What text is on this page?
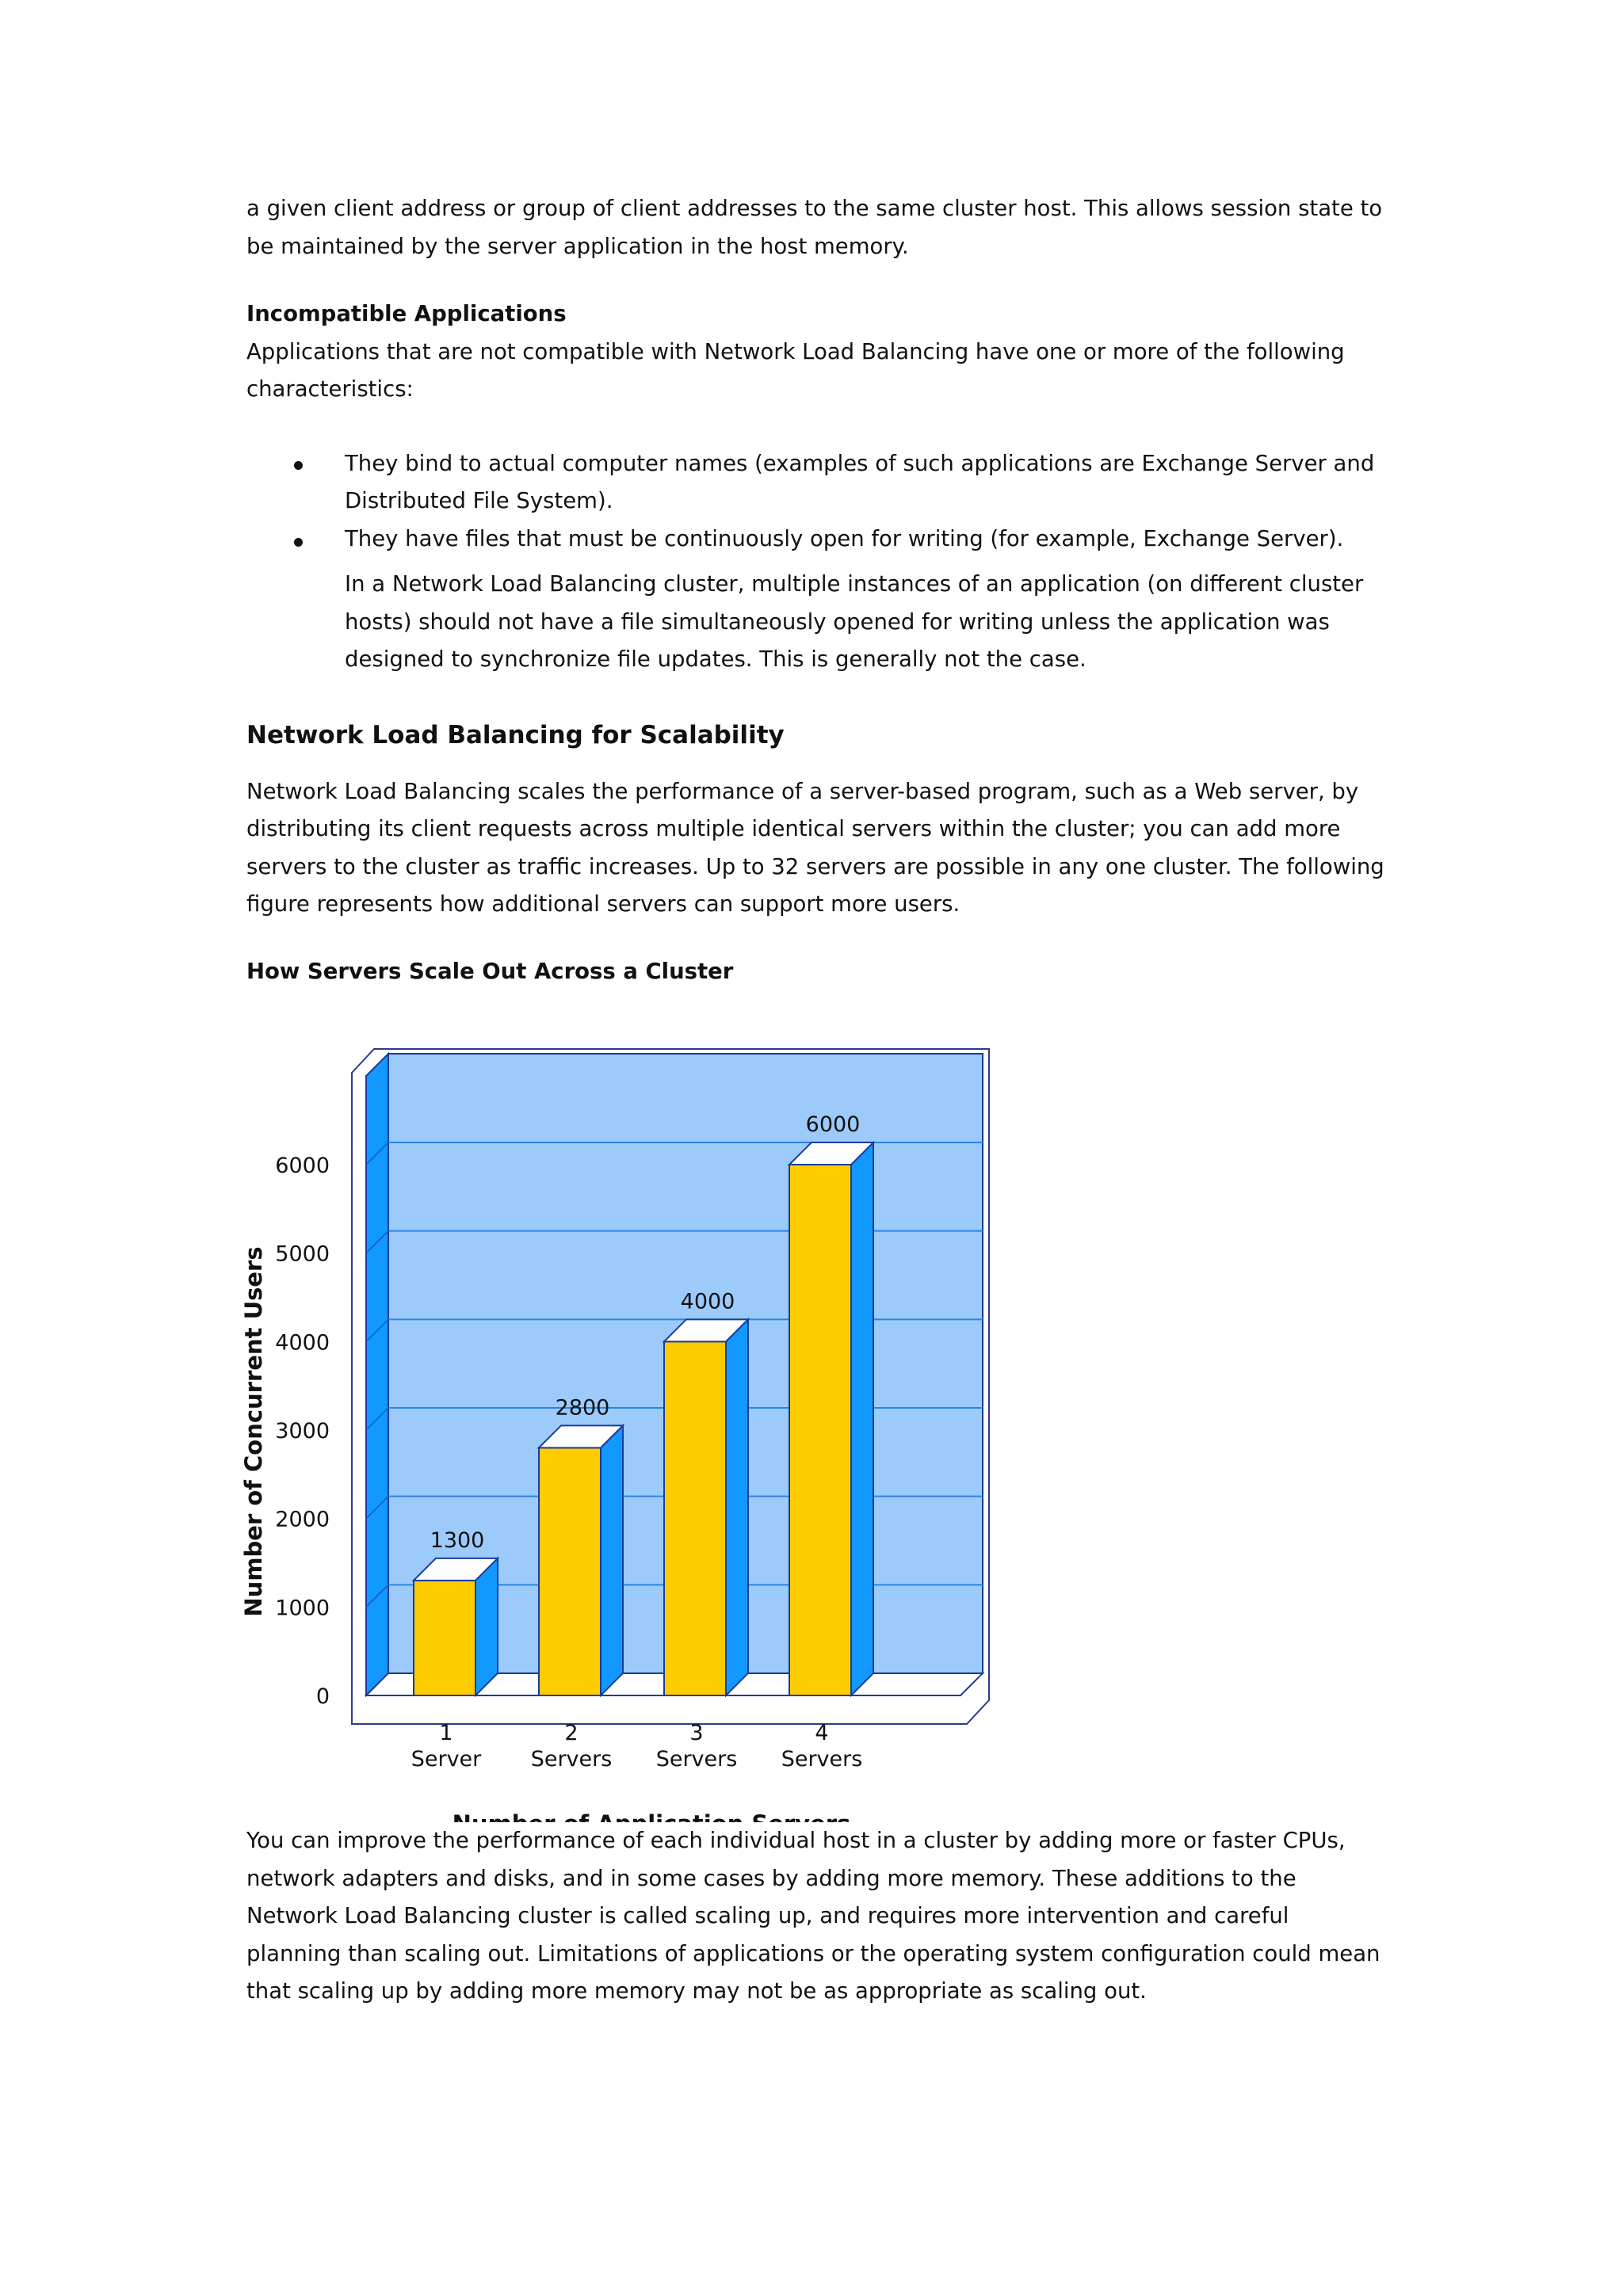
a given client address or group of client addresses to the same cluster host. This allows session state to be maintained by the server application in the host memory.

Incompatible Applications

Applications that are not compatible with Network Load Balancing have one or more of the following characteristics:

They bind to actual computer names (examples of such applications are Exchange Server and Distributed File System).
They have files that must be continuously open for writing (for example, Exchange Server).

In a Network Load Balancing cluster, multiple instances of an application (on different cluster hosts) should not have a file simultaneously opened for writing unless the application was designed to synchronize file updates. This is generally not the case.

Network Load Balancing for Scalability

Network Load Balancing scales the performance of a server-based program, such as a Web server, by distributing its client requests across multiple identical servers within the cluster; you can add more servers to the cluster as traffic increases. Up to 32 servers are possible in any one cluster. The following figure represents how additional servers can support more users.

How Servers Scale Out Across a Cluster

0
1000
2000
3000
4000
5000
6000
1300
1
Server
2800
2
Servers
4000
3
Servers
6000
4
Servers
Number of Concurrent Users

You can improve the performance of each individual host in a cluster by adding more or faster CPUs, network adapters and disks, and in some cases by adding more memory. These additions to the Network Load Balancing cluster is called scaling up, and requires more intervention and careful planning than scaling out. Limitations of applications or the operating system configuration could mean that scaling up by adding more memory may not be as appropriate as scaling out.
